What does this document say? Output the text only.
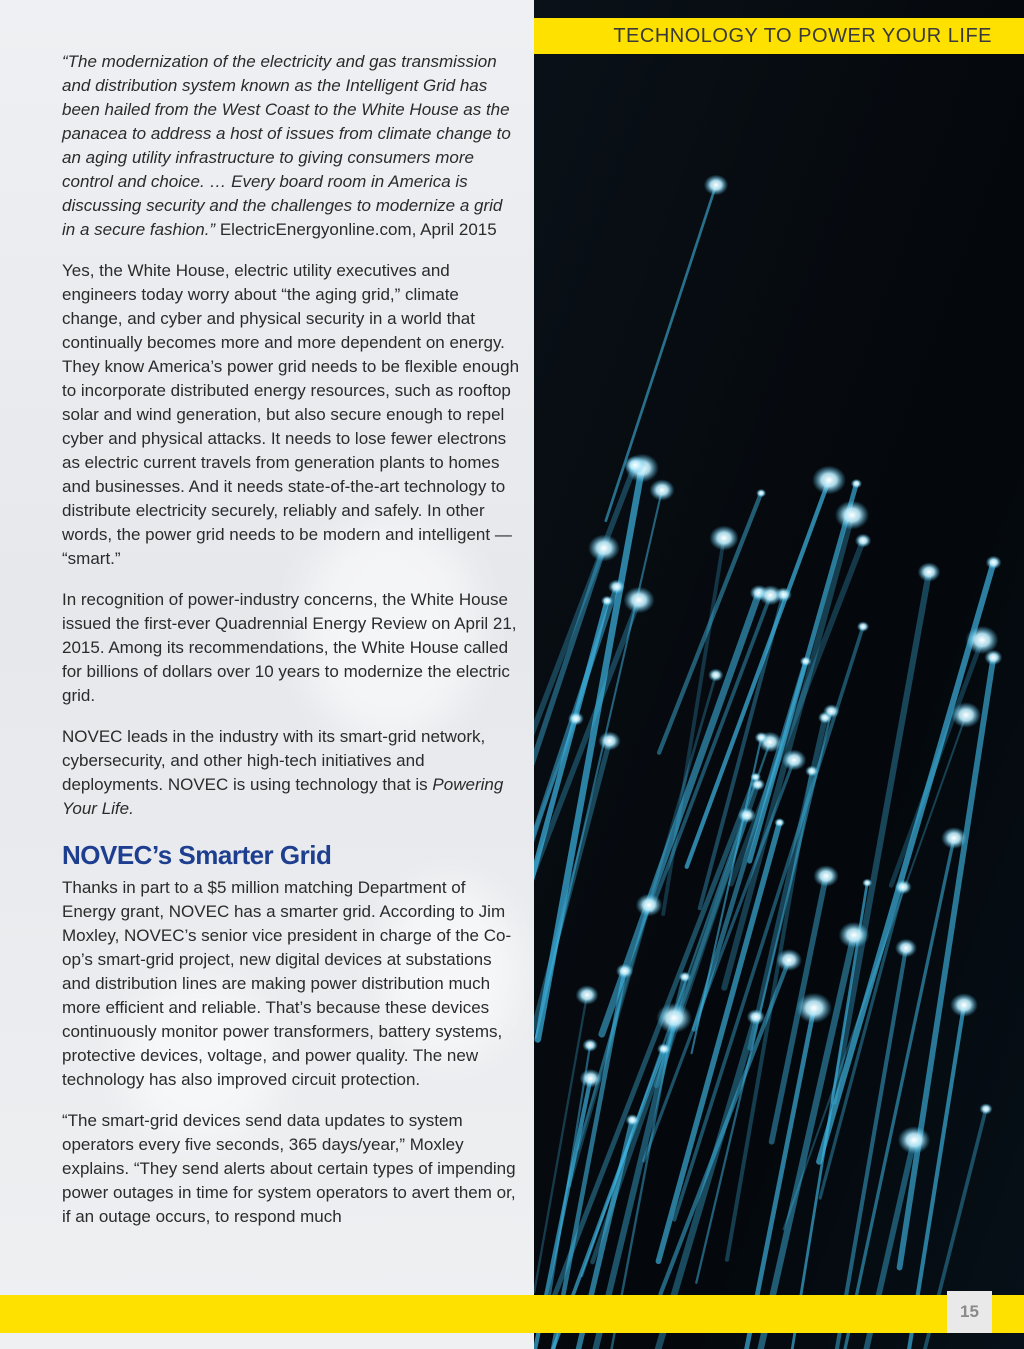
TECHNOLOGY TO POWER YOUR LIFE

“The modernization of the electricity and gas transmission and distribution system known as the Intelligent Grid has been hailed from the West Coast to the White House as the panacea to address a host of issues from climate change to an aging utility infrastructure to giving consumers more control and choice. … Every board room in America is discussing security and the challenges to modernize a grid in a secure fashion.” ElectricEnergyonline.com, April 2015

Yes, the White House, electric utility executives and engineers today worry about “the aging grid,” climate change, and cyber and physical security in a world that continually becomes more and more dependent on energy. They know America’s power grid needs to be flexible enough to incorporate distributed energy resources, such as rooftop solar and wind generation, but also secure enough to repel cyber and physical attacks. It needs to lose fewer electrons as electric current travels from generation plants to homes and businesses. And it needs state-of-the-art technology to distribute electricity securely, reliably and safely. In other words, the power grid needs to be modern and intelligent — “smart.”

In recognition of power-industry concerns, the White House issued the first-ever Quadrennial Energy Review on April 21, 2015. Among its recommendations, the White House called for billions of dollars over 10 years to modernize the electric grid.

NOVEC leads in the industry with its smart-grid network, cybersecurity, and other high-tech initiatives and deployments. NOVEC is using technology that is Powering Your Life.

NOVEC’s Smarter Grid

Thanks in part to a $5 million matching Department of Energy grant, NOVEC has a smarter grid. According to Jim Moxley, NOVEC’s senior vice president in charge of the Co-op’s smart-grid project, new digital devices at substations and distribution lines are making power distribution much more efficient and reliable. That’s because these devices continuously monitor power transformers, battery systems, protective devices, voltage, and power quality. The new technology has also improved circuit protection.

“The smart-grid devices send data updates to system operators every five seconds, 365 days/year,” Moxley explains. “They send alerts about certain types of impending power outages in time for system operators to avert them or, if an outage occurs, to respond much

15
